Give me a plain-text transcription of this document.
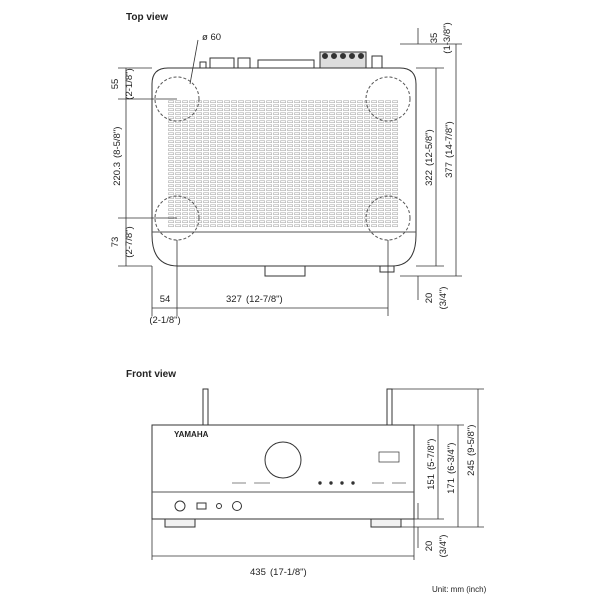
Top view
ø 60	35 (1-3/8")
55 (2-1/8")
220.3
(8-5/8")
73 (2-7/8")
322
(12-5/8")
377
(14-7/8")
20 (3/4")
54
(2-1/8")
327 (12-7/8")
Front view
YAMAHA
151
(5-7/8")
171
(6-3/4") 245
(9-5/8")
20 (3/4")
435 (17-1/8")
Unit: mm (inch)
